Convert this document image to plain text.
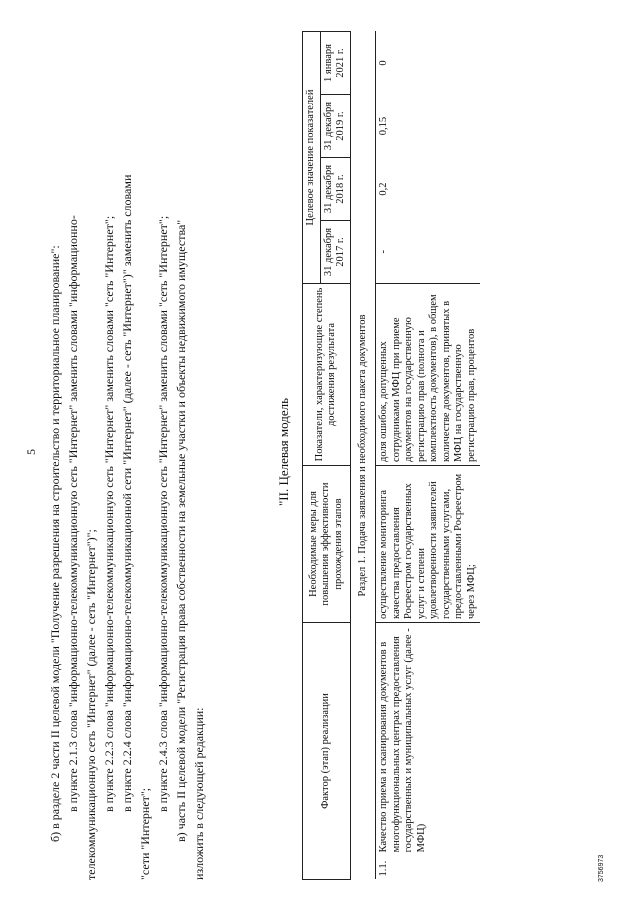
5 б) в разделе 2 части II целевой модели "Получение разрешения на строительство и территориальное планирование": в пункте 2.1.3 слова "информационно-телекоммуникационную сеть "Интернет" заменить словами "информационно- телекоммуникационную сеть "Интернет" (далее - сеть "Интернет")"; в пункте 2.2.3 слова "информационно-телекоммуникационную сеть "Интернет" заменить словами "сеть "Интернет"; в пункте 2.2.4 слова "информационно-телекоммуникационной сети "Интернет" (далее - сеть "Интернет")" заменить словами
"сети "Интернет";
в пункте 2.4.3 слова "информационно-телекоммуникационную сеть "Интернет" заменить словами "сеть "Интернет"; в) часть II целевой модели "Регистрация права собственности на земельные участки и объекты недвижимого имущества" изложить в следующей редакции:
"II. Целевая модель
Фактор (этап) реализации		Необходимые меры для повышения эффективности прохождения этапов	Показатели, характеризующие степень достижения результата	Целевое значение показателей			
				31 декабря 2017 г.	31 декабря 2018 г.	31 декабря 2019 г.	1 января 2021 г.
Раздел 1. Подача заявления и необходимого пакета документов							
1.1.	Качество приема и сканирования документов в многофункциональных центрах предоставления государственных и муниципальных услуг (далее - МФЦ)	осуществление мониторинга качества предоставления Росреестром государственных услуг и степени удовлетворенности заявителей государственными услугами, предоставленными Росреестром через МФЦ;	доля ошибок, допущенных сотрудниками МФЦ при приеме документов на государственную регистрацию прав (полнота и комплектность документов), в общем количестве документов, принятых в МФЦ на государственную регистрацию прав, процентов	-	0,2	0,15	0
3756973
